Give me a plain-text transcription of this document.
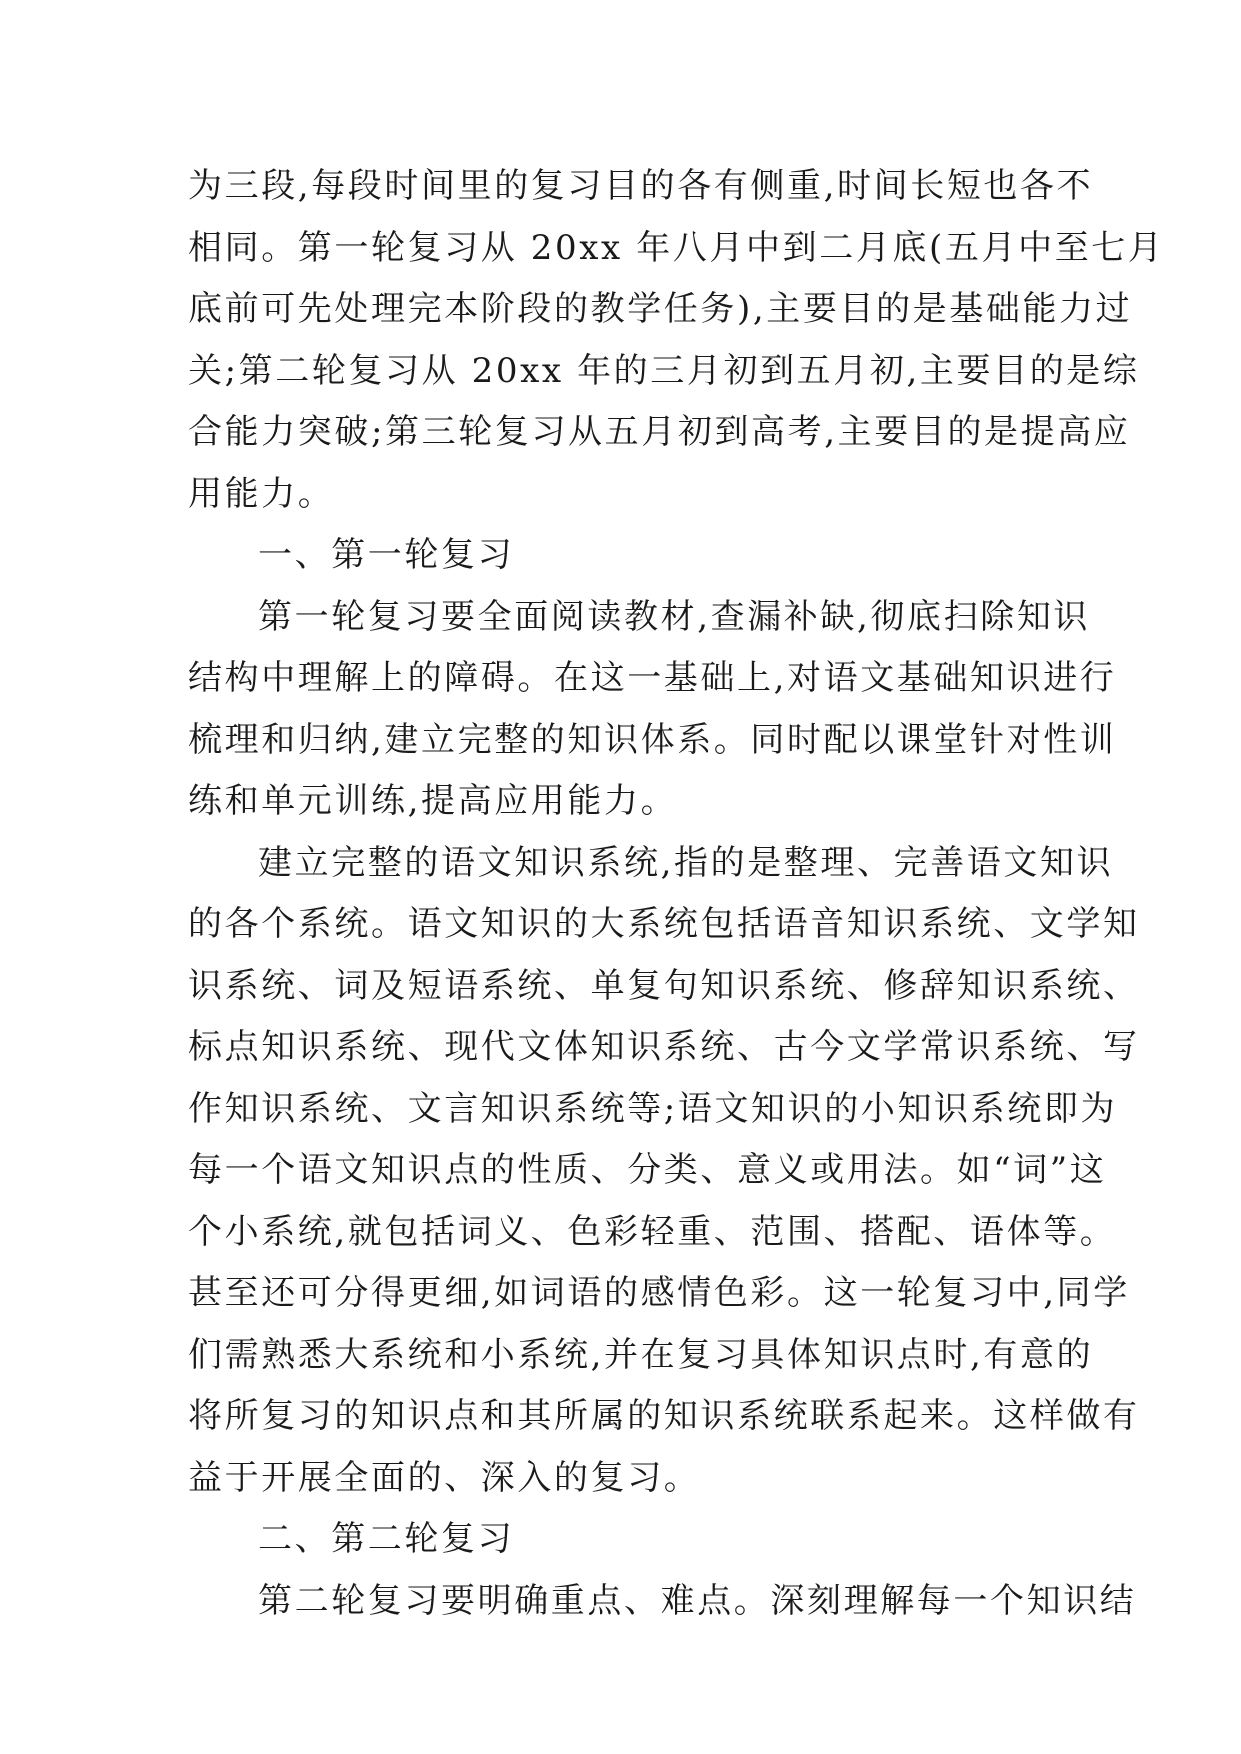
为三段,每段时间里的复习目的各有侧重,时间长短也各不
相同。第一轮复习从 20xx 年八月中到二月底(五月中至七月
底前可先处理完本阶段的教学任务),主要目的是基础能力过
关;第二轮复习从 20xx 年的三月初到五月初,主要目的是综
合能力突破;第三轮复习从五月初到高考,主要目的是提高应
用能力。
一、第一轮复习
第一轮复习要全面阅读教材,查漏补缺,彻底扫除知识
结构中理解上的障碍。在这一基础上,对语文基础知识进行
梳理和归纳,建立完整的知识体系。同时配以课堂针对性训
练和单元训练,提高应用能力。
建立完整的语文知识系统,指的是整理、完善语文知识
的各个系统。语文知识的大系统包括语音知识系统、文学知
识系统、词及短语系统、单复句知识系统、修辞知识系统、
标点知识系统、现代文体知识系统、古今文学常识系统、写
作知识系统、文言知识系统等;语文知识的小知识系统即为
每一个语文知识点的性质、分类、意义或用法。如“词”这
个小系统,就包括词义、色彩轻重、范围、搭配、语体等。
甚至还可分得更细,如词语的感情色彩。这一轮复习中,同学
们需熟悉大系统和小系统,并在复习具体知识点时,有意的
将所复习的知识点和其所属的知识系统联系起来。这样做有
益于开展全面的、深入的复习。
二、第二轮复习
第二轮复习要明确重点、难点。深刻理解每一个知识结
